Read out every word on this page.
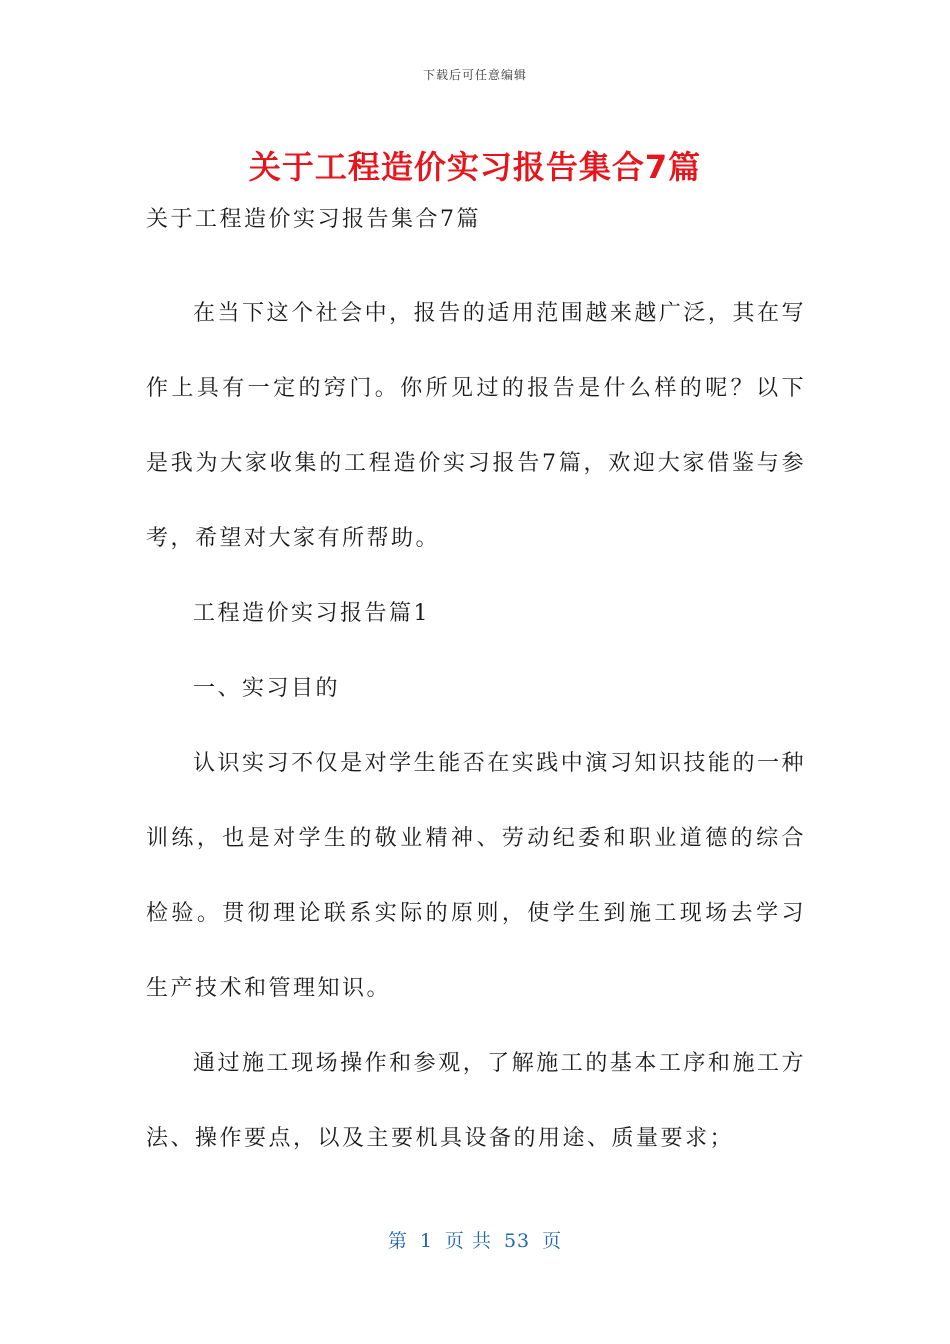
下载后可任意编辑
关于工程造价实习报告集合7篇
关于工程造价实习报告集合7篇

在当下这个社会中，报告的适用范围越来越广泛，其在写作上具有一定的窍门。你所见过的报告是什么样的呢？以下是我为大家收集的工程造价实习报告7篇，欢迎大家借鉴与参考，希望对大家有所帮助。

工程造价实习报告篇1

一、实习目的

认识实习不仅是对学生能否在实践中演习知识技能的一种训练，也是对学生的敬业精神、劳动纪委和职业道德的综合检验。贯彻理论联系实际的原则，使学生到施工现场去学习生产技术和管理知识。

通过施工现场操作和参观，了解施工的基本工序和施工方法、操作要点，以及主要机具设备的用途、质量要求；

第 1 页 共 53 页
